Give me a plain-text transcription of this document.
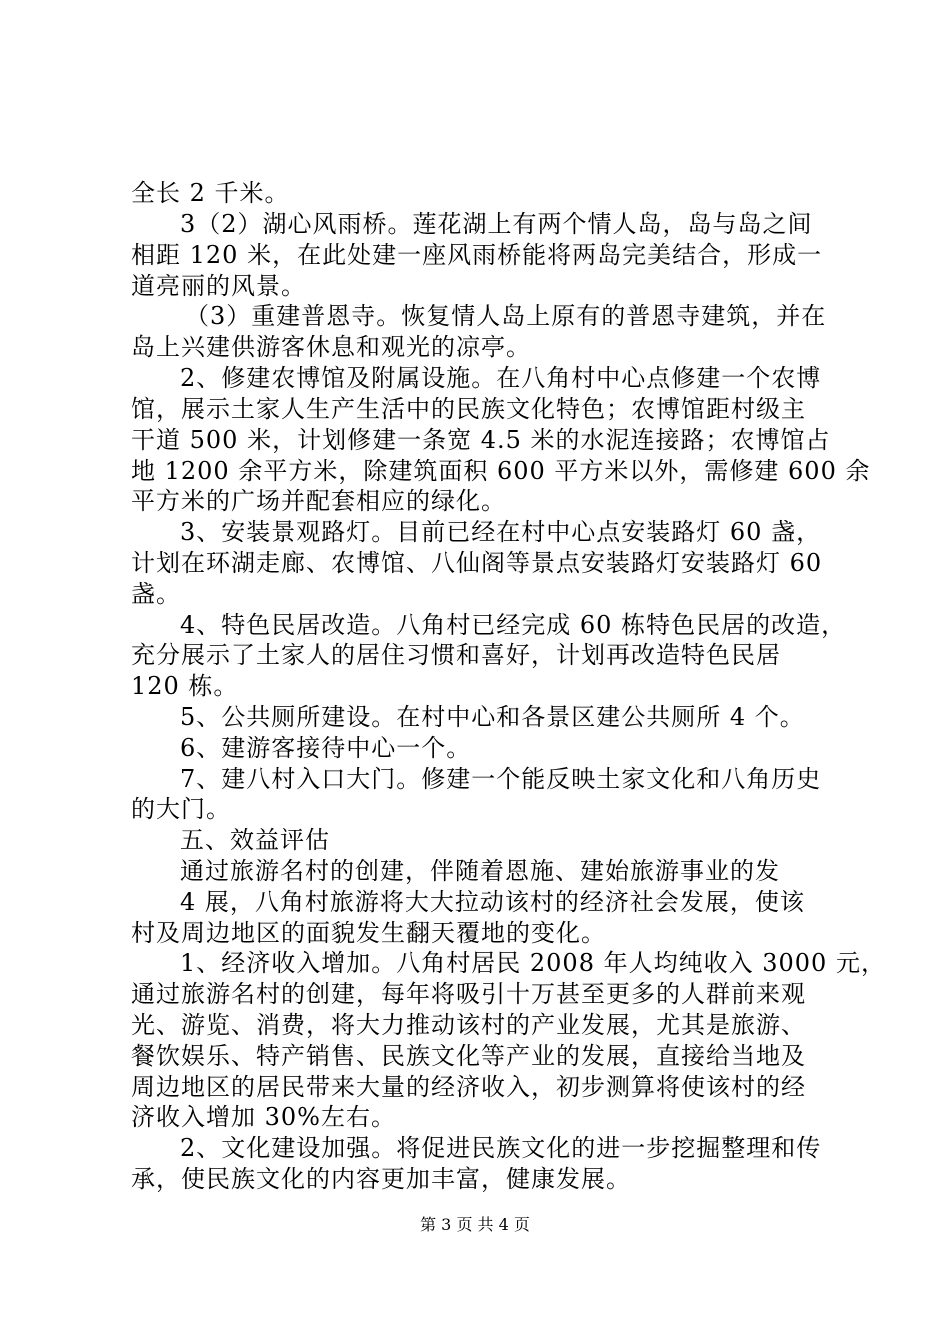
全长 2 千米。
3（2）湖心风雨桥。莲花湖上有两个情人岛，岛与岛之间
相距 120 米，在此处建一座风雨桥能将两岛完美结合，形成一
道亮丽的风景。
（3）重建普恩寺。恢复情人岛上原有的普恩寺建筑，并在
岛上兴建供游客休息和观光的凉亭。
2、修建农博馆及附属设施。在八角村中心点修建一个农博
馆，展示土家人生产生活中的民族文化特色；农博馆距村级主
干道 500 米，计划修建一条宽 4.5 米的水泥连接路；农博馆占
地 1200 余平方米，除建筑面积 600 平方米以外，需修建 600 余
平方米的广场并配套相应的绿化。
3、安装景观路灯。目前已经在村中心点安装路灯 60 盏，
计划在环湖走廊、农博馆、八仙阁等景点安装路灯安装路灯 60
盏。
4、特色民居改造。八角村已经完成 60 栋特色民居的改造，
充分展示了土家人的居住习惯和喜好，计划再改造特色民居
120 栋。
5、公共厕所建设。在村中心和各景区建公共厕所 4 个。
6、建游客接待中心一个。
7、建八村入口大门。修建一个能反映土家文化和八角历史
的大门。
五、效益评估
通过旅游名村的创建，伴随着恩施、建始旅游事业的发
4 展，八角村旅游将大大拉动该村的经济社会发展，使该
村及周边地区的面貌发生翻天覆地的变化。
1、经济收入增加。八角村居民 2008 年人均纯收入 3000 元，
通过旅游名村的创建，每年将吸引十万甚至更多的人群前来观
光、游览、消费，将大力推动该村的产业发展，尤其是旅游、
餐饮娱乐、特产销售、民族文化等产业的发展，直接给当地及
周边地区的居民带来大量的经济收入，初步测算将使该村的经
济收入增加 30%左右。
2、文化建设加强。将促进民族文化的进一步挖掘整理和传
承，使民族文化的内容更加丰富，健康发展。
第 3 页 共 4 页
